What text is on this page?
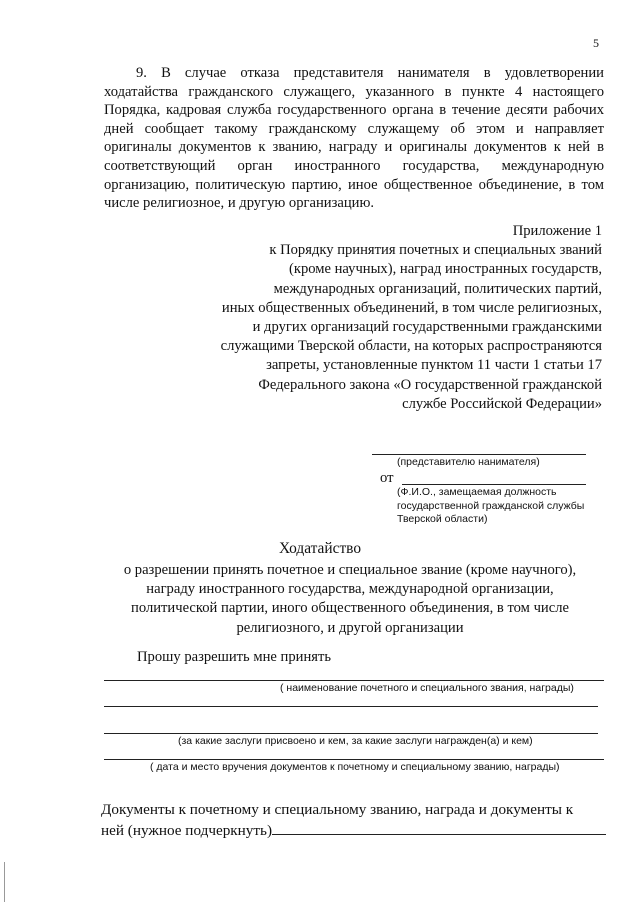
5
9. В случае отказа представителя нанимателя в удовлетворении ходатайства гражданского служащего, указанного в пункте 4 настоящего Порядка, кадровая служба государственного органа в течение десяти рабочих дней сообщает такому гражданскому служащему об этом и направляет оригиналы документов к званию, награду и оригиналы документов к ней в соответствующий орган иностранного государства, международную организацию, политическую партию, иное общественное объединение, в том числе религиозное, и другую организацию.
Приложение 1
к Порядку принятия почетных и специальных званий
(кроме научных), наград иностранных государств,
международных организаций, политических партий,
иных общественных объединений, в том числе религиозных,
и других организаций государственными гражданскими
служащими Тверской области, на которых распространяются
запреты, установленные пунктом 11 части 1 статьи 17
Федерального закона «О государственной гражданской
службе Российской Федерации»
(представителю нанимателя)
от
(Ф.И.О., замещаемая должность
государственной гражданской службы
Тверской области)
Ходатайство
о разрешении принять почетное и специальное звание (кроме научного),
награду иностранного государства, международной организации,
политической партии, иного общественного объединения, в том числе
религиозного, и другой организации
Прошу разрешить мне принять
( наименование почетного и специального звания, награды)
(за какие заслуги присвоено и кем, за какие заслуги награжден(а) и кем)
( дата и место вручения документов к почетному и специальному званию, награды)
Документы к почетному и специальному званию, награда и документы к
ней (нужное подчеркнуть)
